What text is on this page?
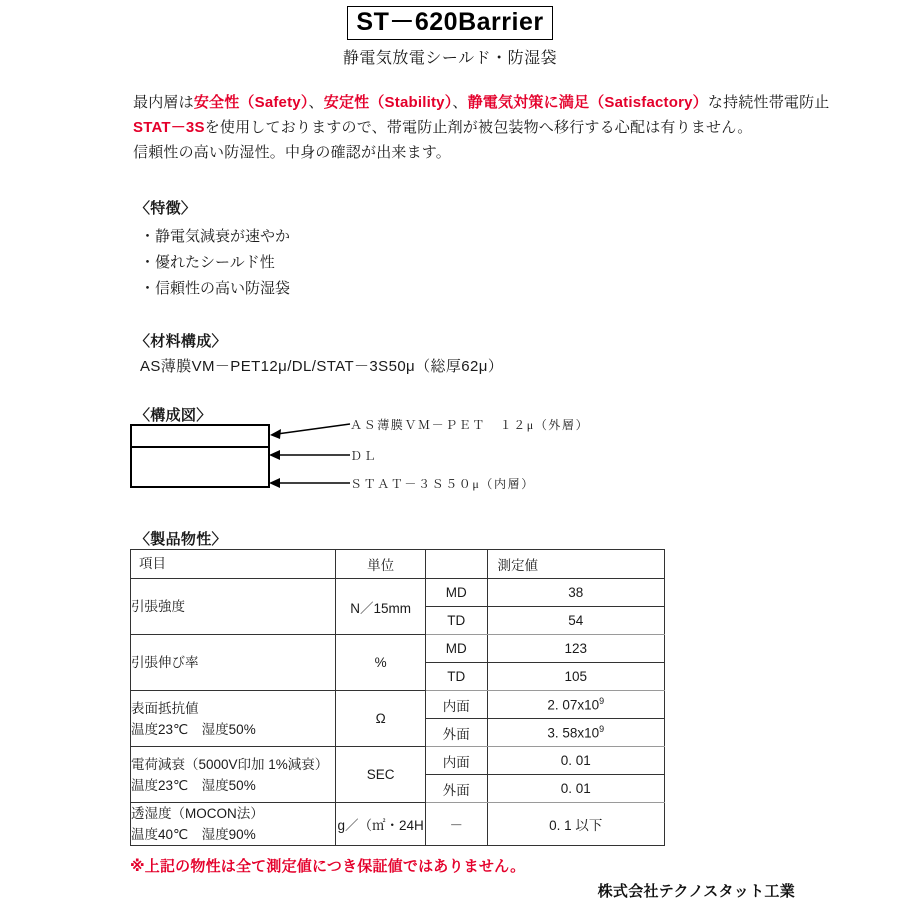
ST－620Barrier
静電気放電シールド・防湿袋
最内層は安全性（Safety）、安定性（Stability）、静電気対策に満足（Satisfactory）な持続性帯電防止
STAT－3Sを使用しておりますので、帯電防止剤が被包装物へ移行する心配は有りません。
信頼性の高い防湿性。中身の確認が出来ます。
〈特徴〉
・静電気減衰が速やか
・優れたシールド性
・信頼性の高い防湿袋
〈材料構成〉
AS薄膜VM－PET12μ/DL/STAT－3S50μ（総厚62μ）
〈構成図〉
ＡＳ薄膜ＶＭ－ＰＥＴ　１２μ（外層）
ＤＬ
ＳＴＡＴ－３Ｓ５０μ（内層）
〈製品物性〉
項目	単位		測定値
引張強度	N／15mm	MD	38
		TD	54
引張伸び率	%	MD	123
		TD	105

表面抵抗値
温度23℃　湿度50%	Ω	内面	2. $07x10^9$
		外面	3. $58x10^9$

電荷減衰（5000V印加 1%減衰）
温度23℃　湿度50%	SEC	内面	0. 01
		外面	0. 01

透湿度（MOCON法）
温度40℃　湿度90%	g／（㎡・24H	－	0. 1 以下
※上記の物性は全て測定値につき保証値ではありません。
株式会社テクノスタット工業
